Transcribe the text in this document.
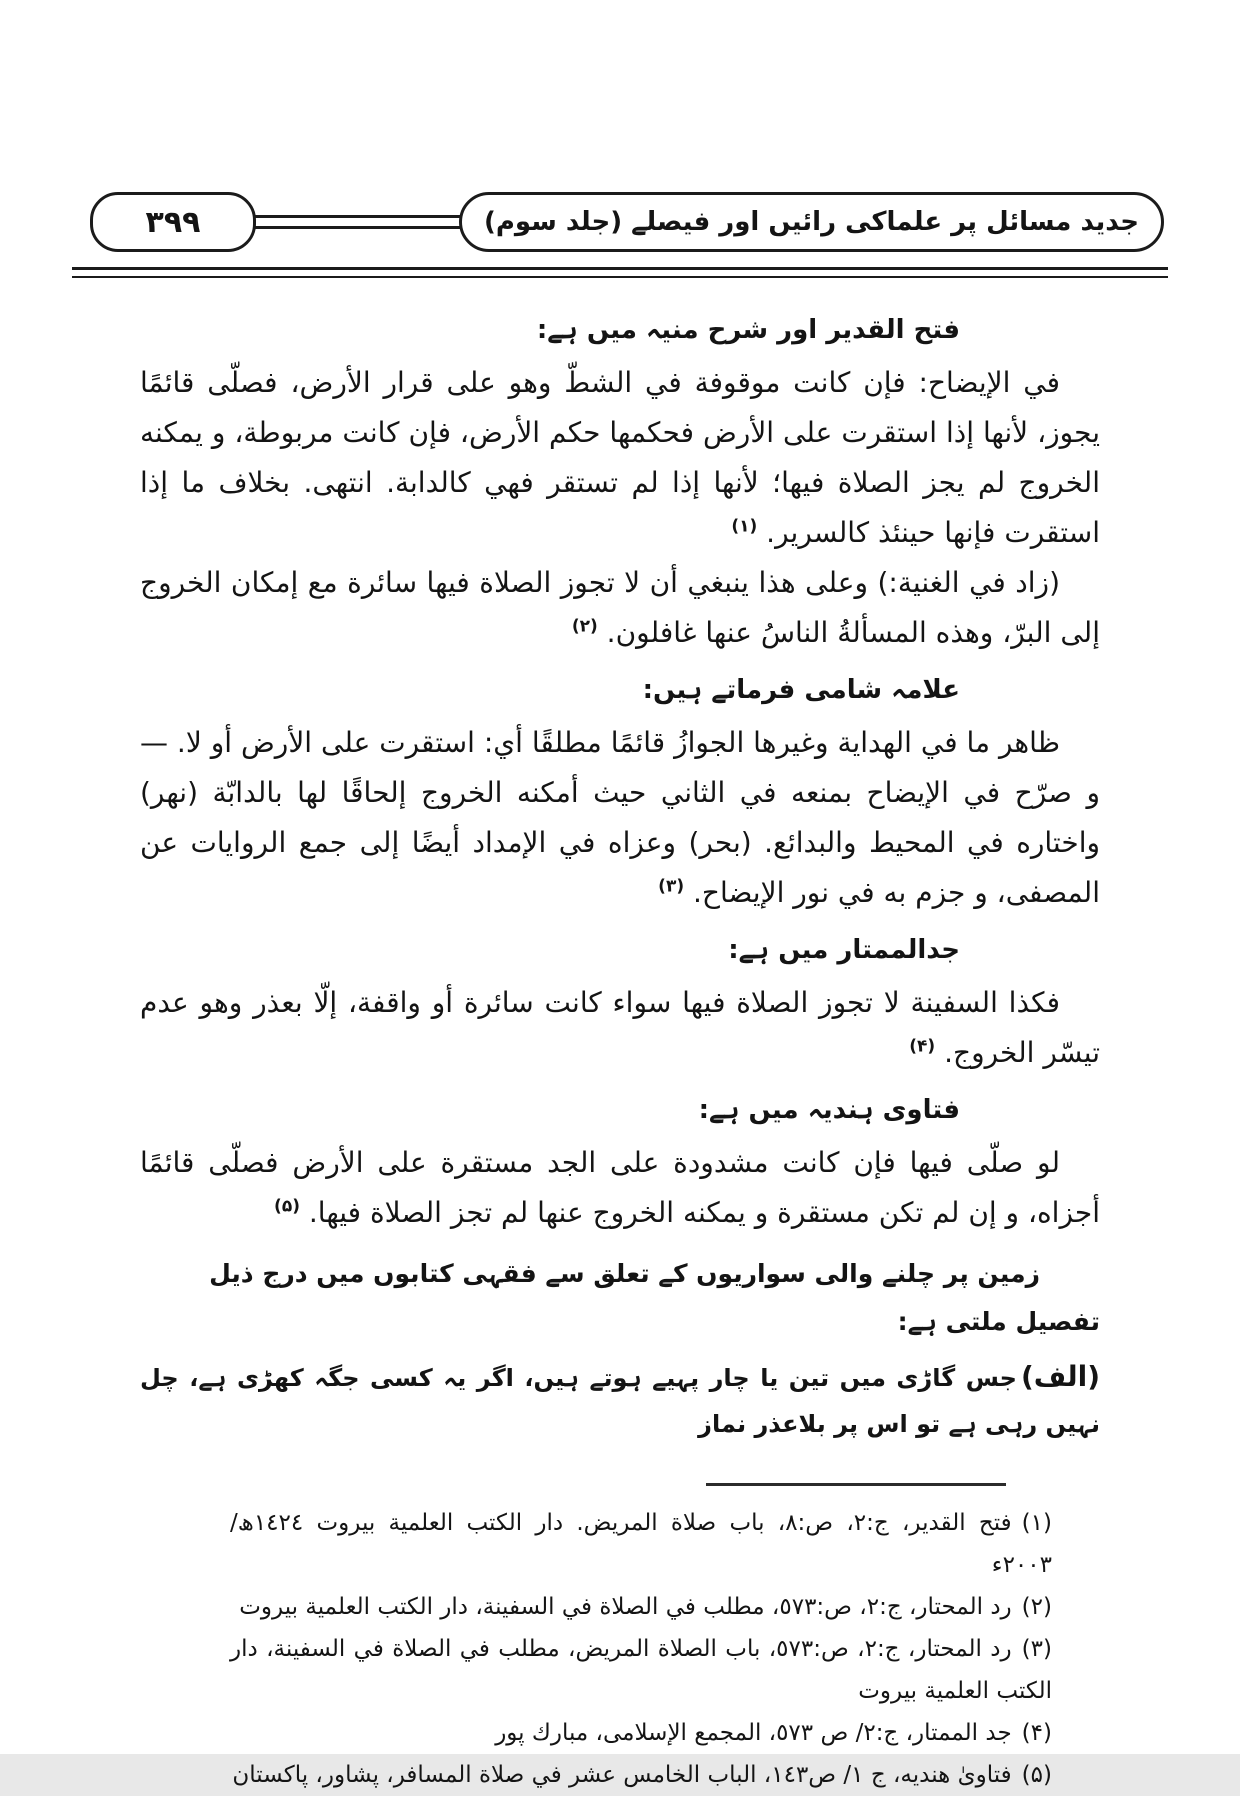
۳۹۹	جدید مسائل پر علماکی رائیں اور فیصلے (جلد سوم)
فتح القدیر اور شرح منیہ میں ہے:

في الإيضاح: فإن كانت موقوفة في الشطّ وهو على قرار الأرض، فصلّى قائمًا يجوز، لأنها إذا استقرت على الأرض فحكمها حكم الأرض، فإن كانت مربوطة، و يمكنه الخروج لم يجز الصلاة فيها؛ لأنها إذا لم تستقر فهي كالدابة. انتهى. بخلاف ما إذا استقرت فإنها حينئذ كالسرير. $^{(۱)}$

(زاد في الغنية:) وعلى هذا ينبغي أن لا تجوز الصلاة فيها سائرة مع إمكان الخروج إلى البرّ، وهذه المسألةُ الناسُ عنها غافلون. $^{(۲)}$

علامہ شامی فرماتے ہیں:

ظاهر ما في الهداية وغيرها الجوازُ قائمًا مطلقًا أي: استقرت على الأرض أو لا. — و صرّح في الإيضاح بمنعه في الثاني حيث أمكنه الخروج إلحاقًا لها بالدابّة (نهر) واختاره في المحيط والبدائع. (بحر) وعزاه في الإمداد أيضًا إلى جمع الروايات عن المصفى، و جزم به في نور الإيضاح. $^{(۳)}$

جدالممتار میں ہے:

فكذا السفينة لا تجوز الصلاة فيها سواء كانت سائرة أو واقفة، إلّا بعذر وهو عدم تيسّر الخروج. $^{(۴)}$

فتاوی ہندیہ میں ہے:

لو صلّى فيها فإن كانت مشدودة على الجد مستقرة على الأرض فصلّى قائمًا أجزاه، و إن لم تكن مستقرة و يمكنه الخروج عنها لم تجز الصلاة فيها. $^{(۵)}$

زمین پر چلنے والی سواریوں کے تعلق سے فقہی کتابوں میں درج ذیل تفصیل ملتی ہے:

(الف)جس گاڑی میں تین یا چار پہیے ہوتے ہیں، اگر یہ کسی جگہ کھڑی ہے، چل نہیں رہی ہے تو اس پر بلاعذر نماز

(۱)فتح القدير، ج:٢، ص:٨، باب صلاة المريض. دار الكتب العلمية بيروت ١٤٢٤ھ/ ٢٠٠٣ء
(۲)رد المحتار، ج:٢، ص:٥٧٣، مطلب في الصلاة في السفينة، دار الكتب العلمية بيروت
(۳)رد المحتار، ج:٢، ص:٥٧٣، باب الصلاة المريض، مطلب في الصلاة في السفينة، دار الكتب العلمية بيروت
(۴)جد الممتار، ج:٢/ ص ٥٧٣، المجمع الإسلامى، مبارك پور
(۵)فتاوىٰ هنديه، ج ١/ ص١٤٣، الباب الخامس عشر في صلاة المسافر، پشاور، پاكستان
